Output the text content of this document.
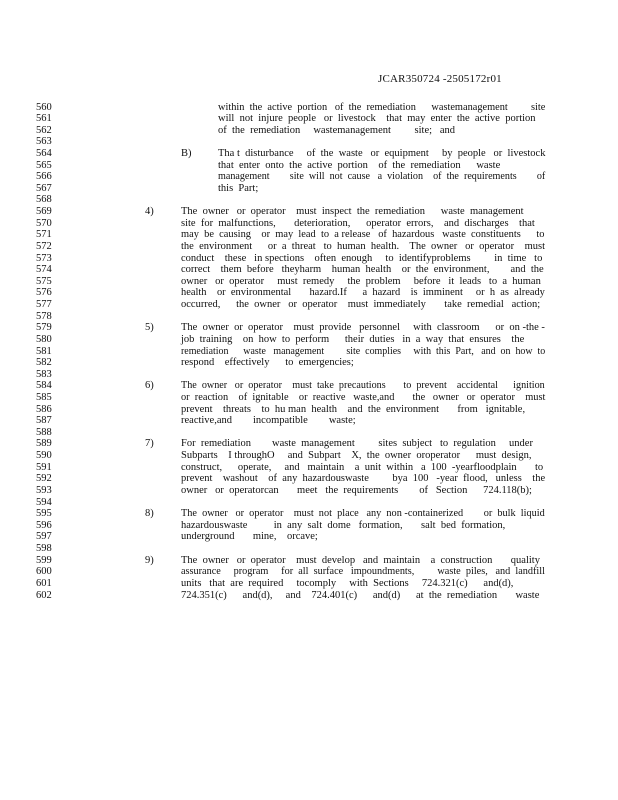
JCAR350724 -2505172r01
560	within  the  active  portion   of  the  remediation      wastemanagement         site
561	will  not  injure  people   or  livestock    that  may  enter  the  active  portion
562	of  the  remediation     wastemanagement         site;   and
563
564	B)	Tha t  disturbance     of  the  waste   or  equipment     by  people   or  livestock
565	that  enter  onto  the  active  portion    of  the  remediation      waste
566	management        site  will  not  cause   a  violation    of  the  requirements        of
567	this  Part;
568
569	4)	The  owner   or  operator    must  inspect  the  remediation      waste  management
570	site  for  malfunctions,       deterioration,      operator  errors,    and  discharges    that
571	may  be  causing    or  may  lead  to  a release   of  hazardous   waste  constituents      to
572	the  environment      or  a  threat   to  human  health.    The  owner   or  operator    must
573	conduct    these   in spections    often  enough     to  identifyproblems         in  time   to
574	correct    them  before   theyharm    human  health    or  the  environment,        and  the
575	owner   or  operator     must  remedy     the  problem     before   it  leads   to  a  human
576	health    or  environmental       hazard.If      a  hazard    is  imminent     or  h  as  already
577	occurred,      the  owner   or  operator    must  immediately       take  remedial   action;
578
579	5)	The  owner  or  operator    must  provide   personnel     with  classroom      or  on -the -
580	job  training    on  how  to  perform      their  duties   in  a  way  that  ensures    the
581	remediation      waste   management         site  complies     with  this  Part,   and  on  how  to
582	respond    effectively      to  emergencies;
583
584	6)	The  owner   or  operator    must  take  precautions       to  prevent    accidental      ignition
585	or  reaction    of  ignitable    or  reactive   waste,and       the   owner   or  operator    must
586	prevent    threats    to  hu man  health    and  the  environment       from   ignitable,
587	reactive,and        incompatible        waste;
588
589	7)	For  remediation        waste  management         sites  subject   to  regulation     under
590	Subparts    I throughO     and  Subpart    X,  the  owner  oroperator      must  design,
591	construct,      operate,     and   maintain    a  unit  within   a  100  -yearfloodplain       to
592	prevent    washout    of  any  hazardouswaste         bya  100   -year  flood,   unless    the
593	owner   or  operatorcan       meet   the  requirements        of   Section      724.118(b);
594
595	8)	The  owner   or  operator    must  not  place   any  non -containerized        or  bulk  liquid
596	hazardouswaste          in  any  salt  dome   formation,       salt  bed  formation,
597	underground       mine,    orcave;
598
599	9)	The  owner   or  operator    must  develop   and  maintain    a  construction       quality
600	assurance     program     for  all  surface   impoundments,         waste  piles,   and  landfill
601	units   that  are  required     tocomply     with  Sections     724.321(c)      and(d),
602	724.351(c)      and(d),     and    724.401(c)      and(d)      at  the  remediation       waste
